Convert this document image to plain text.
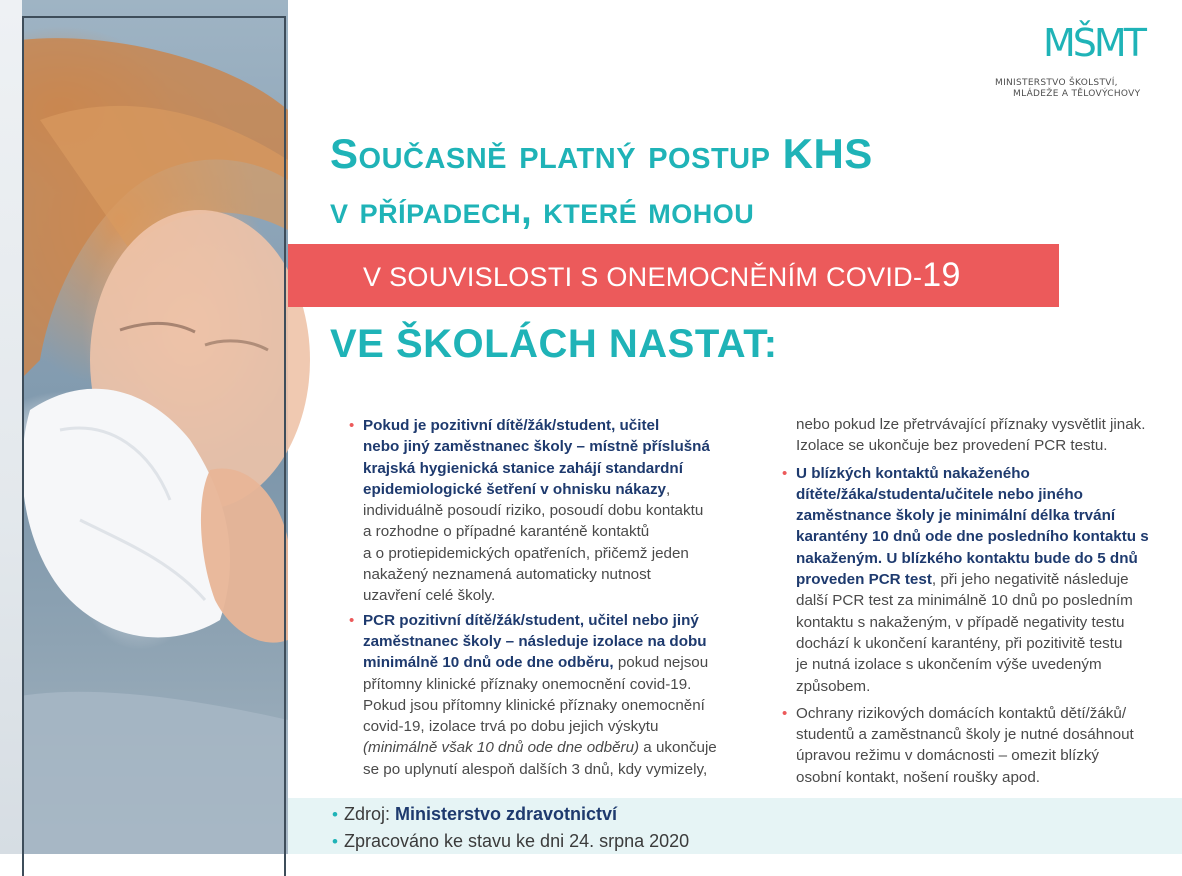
MŠMT
MINISTERSTVO ŠKOLSTVÍ,
MLÁDEŽE A TĚLOVÝCHOVY
Současně platný postup KHS
v případech, které mohou
V SOUVISLOSTI S ONEMOCNĚNÍM COVID-19
VE ŠKOLÁCH NASTAT:
• Pokud je pozitivní dítě/žák/student, učitel
nebo jiný zaměstnanec školy – místně příslušná
krajská hygienická stanice zahájí standardní
epidemiologické šetření v ohnisku nákazy,
individuálně posoudí riziko, posoudí dobu kontaktu
a rozhodne o případné karanténě kontaktů
a o protiepidemických opatřeních, přičemž jeden
nakažený neznamená automaticky nutnost
uzavření celé školy.
• PCR pozitivní dítě/žák/student, učitel nebo jiný
zaměstnanec školy – následuje izolace na dobu
minimálně 10 dnů ode dne odběru, pokud nejsou
přítomny klinické příznaky onemocnění covid-19.
Pokud jsou přítomny klinické příznaky onemocnění
covid-19, izolace trvá po dobu jejich výskytu
(minimálně však 10 dnů ode dne odběru) a ukončuje
se po uplynutí alespoň dalších 3 dnů, kdy vymizely,
nebo pokud lze přetrvávající příznaky vysvětlit jinak.
Izolace se ukončuje bez provedení PCR testu.
• U blízkých kontaktů nakaženého
dítěte/žáka/studenta/učitele nebo jiného
zaměstnance školy je minimální délka trvání
karantény 10 dnů ode dne posledního kontaktu s
nakaženým. U blízkého kontaktu bude do 5 dnů
proveden PCR test, při jeho negativitě následuje
další PCR test za minimálně 10 dnů po posledním
kontaktu s nakaženým, v případě negativity testu
dochází k ukončení karantény, při pozitivitě testu
je nutná izolace s ukončením výše uvedeným
způsobem.
• Ochrany rizikových domácích kontaktů dětí/žáků/
studentů a zaměstnanců školy je nutné dosáhnout
úpravou režimu v domácnosti – omezit blízký
osobní kontakt, nošení roušky apod.
• Zdroj: Ministerstvo zdravotnictví
• Zpracováno ke stavu ke dni 24. srpna 2020
